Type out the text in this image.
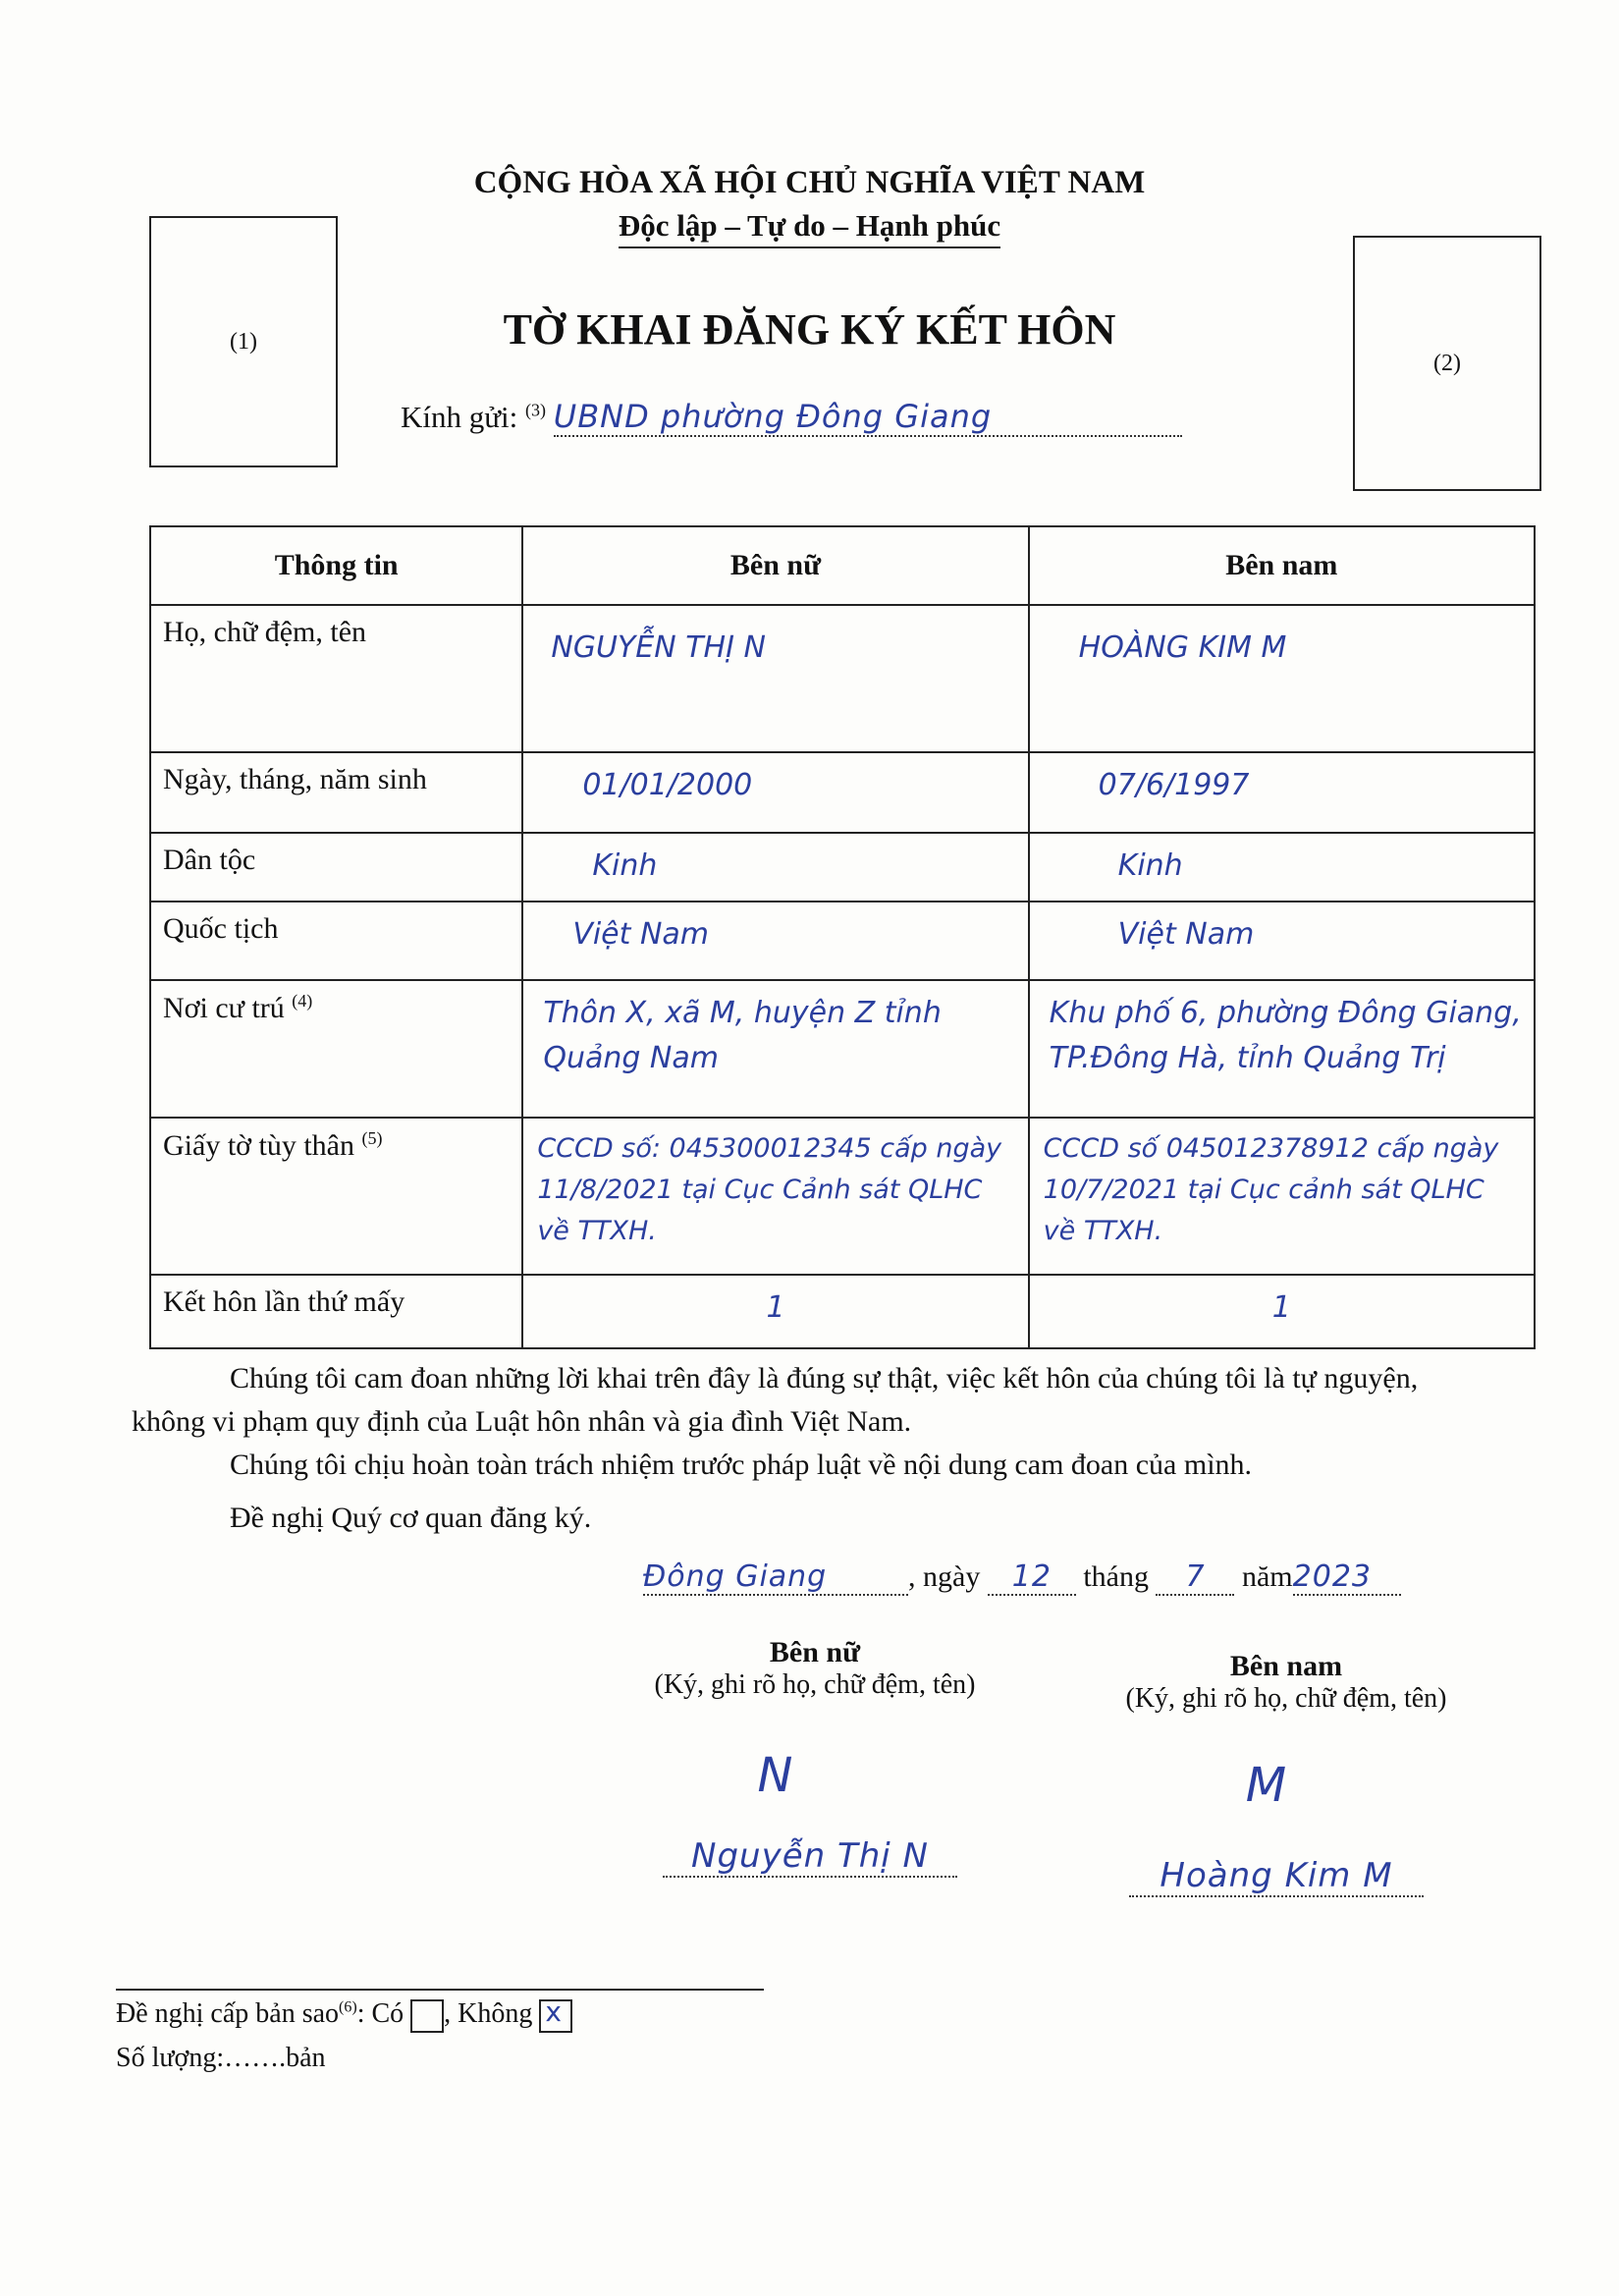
CỘNG HÒA XÃ HỘI CHỦ NGHĨA VIỆT NAM
Độc lập – Tự do – Hạnh phúc
(1)
(2)
TỜ KHAI ĐĂNG KÝ KẾT HÔN
Kính gửi: $^{(3)}$ UBND phường Đông Giang
Thông tin	Bên nữ	Bên nam
Họ, chữ đệm, tên	NGUYỄN THỊ N	HOÀNG KIM M
Ngày, tháng, năm sinh	01/01/2000	07/6/1997
Dân tộc	Kinh	Kinh
Quốc tịch	Việt Nam	Việt Nam
Nơi cư trú $^{(4)}$	Thôn X, xã M, huyện Z tỉnh Quảng Nam	Khu phố 6, phường Đông Giang, TP.Đông Hà, tỉnh Quảng Trị
Giấy tờ tùy thân $^{(5)}$	CCCD số: 045300012345 cấp ngày 11/8/2021 tại Cục Cảnh sát QLHC về TTXH.	CCCD số 045012378912 cấp ngày 10/7/2021 tại Cục cảnh sát QLHC về TTXH.
Kết hôn lần thứ mấy	1	1
Chúng tôi cam đoan những lời khai trên đây là đúng sự thật, việc kết hôn của chúng tôi là tự nguyện, không vi phạm quy định của Luật hôn nhân và gia đình Việt Nam.
Chúng tôi chịu hoàn toàn trách nhiệm trước pháp luật về nội dung cam đoan của mình.
Đề nghị Quý cơ quan đăng ký.
Đông Giang	, ngày 12 tháng 7 năm2023
Bên nữ
(Ký, ghi rõ họ, chữ đệm, tên)
N
Nguyễn Thị N
Bên nam
(Ký, ghi rõ họ, chữ đệm, tên)
M
Hoàng Kim M
Đề nghị cấp bản sao$^{(6)}$: Có , Không x
Số lượng:…….bản
